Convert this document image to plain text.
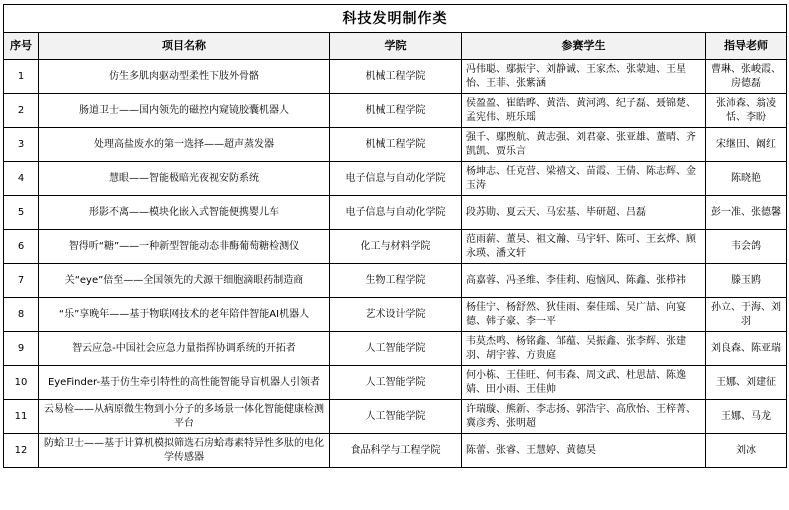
科技发明制作类				
序号	项目名称	学院	参赛学生	指导老师
1	仿生多肌肉驱动型柔性下肢外骨骼	机械工程学院	冯伟聪、鄢振宇、刘静诚、王家杰、张蒙迪、王星怡、王菲、张紫涵	曹琳、张峻霞、房德磊
2	肠道卫士——国内领先的磁控内窥镜胶囊机器人	机械工程学院	侯盈盈、崔皓晔、黄浩、黄河鸿、纪子磊、聂锦楚、孟宪伟、班乐瑶	张沛森、翁凌恬、李盼
3	处理高盐废水的第一选择——超声蒸发器	机械工程学院	强千、鄢煦航、黄志强、刘君豪、张亚雄、董晴、齐凯凯、贾乐言	宋继田、阚红
4	慧眼——智能极暗光夜视安防系统	电子信息与自动化学院	杨坤志、任克营、梁禧文、苗霞、王倩、陈志辉、金玉涛	陈晓艳
5	形影不离——模块化嵌入式智能便携婴儿车	电子信息与自动化学院	段苏勋、夏云天、马宏基、毕研超、吕磊	彭一准、张德馨
6	智得听“糖”——一种新型智能动态非酶葡萄糖检测仪	化工与材料学院	范雨薪、董昊、祖文瀚、马宇轩、陈可、王玄烨、顾永瑛、潘文轩	韦会鸽
7	关“eye”倍至——全国领先的犬源干细胞滴眼药制造商	生物工程学院	高嘉蓉、冯圣维、李佳莉、庖恼风、陈鑫、张栉祎	滕玉鸥
8	“乐”享晚年——基于物联网技术的老年陪伴智能AI机器人	艺术设计学院	杨佳宁、杨舒然、狄佳雨、秦佳瑶、吴广喆、向宴德、韩子豪、李一平	孙立、于海、刘羽
9	智云应急-中国社会应急力量指挥协调系统的开拓者	人工智能学院	韦莫杰鸣、杨铭鑫、邹蕴、吴振鑫、张李辉、张建羽、胡宇蓉、方贵庭	刘良森、陈亚瑞
10	EyeFinder-基于仿生牵引特性的高性能智能导盲机器人引领者	人工智能学院	何小栋、王佳旺、何韦森、周文武、杜思喆、陈逸婧、田小雨、王佳帅	王娜、刘建征
11	云易检——从病原微生物到小分子的多场景一体化智能健康检测平台	人工智能学院	许瑞璇、熊新、李志扬、郭浩宇、高欣怡、王梓菁、冀彦秀、张明超	王娜、马龙
12	防蛤卫士——基于计算机模拟筛选石房蛤毒素特异性多肽的电化学传感器	食品科学与工程学院	陈蕾、张睿、王慧婷、黄德昊	刘冰
